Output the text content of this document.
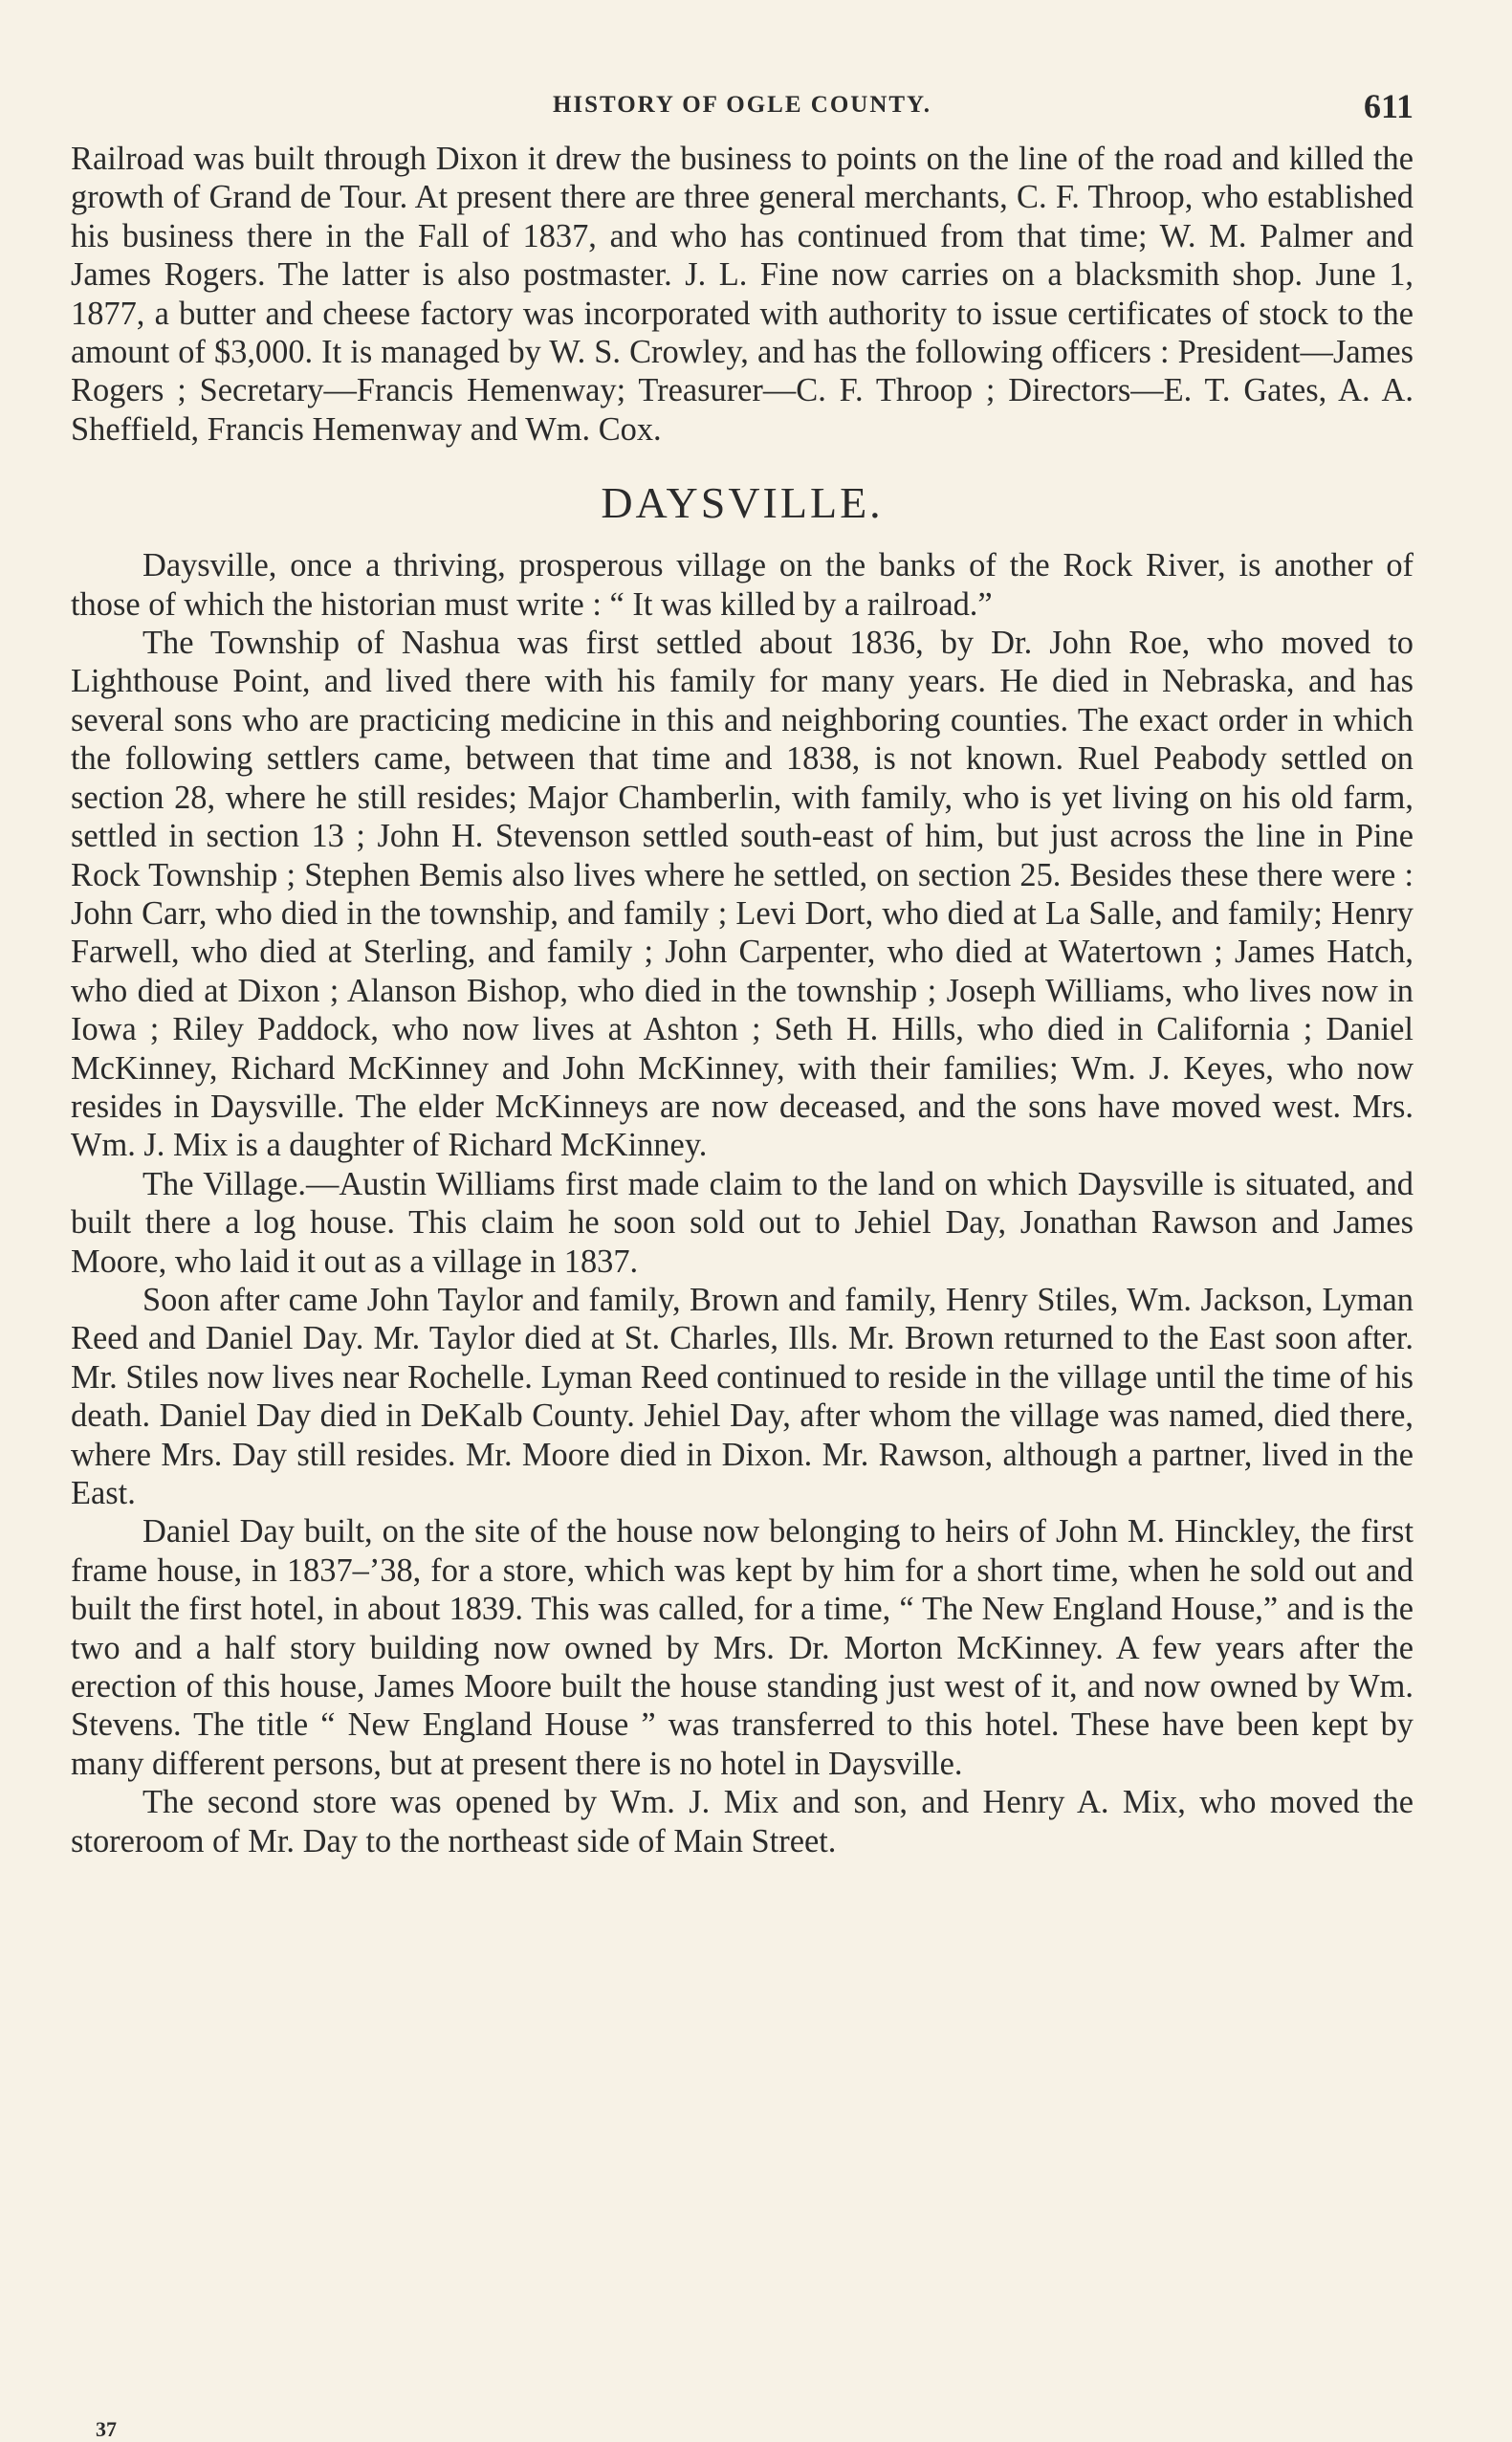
HISTORY OF OGLE COUNTY.	611

Railroad was built through Dixon it drew the business to points on the line of the road and killed the growth of Grand de Tour. At present there are three general merchants, C. F. Throop, who established his business there in the Fall of 1837, and who has continued from that time; W. M. Palmer and James Rogers. The latter is also postmaster. J. L. Fine now carries on a blacksmith shop. June 1, 1877, a butter and cheese factory was incorporated with authority to issue certificates of stock to the amount of $3,000. It is managed by W. S. Crowley, and has the following officers : President—James Rogers ; Secretary—Francis Hemenway; Treasurer—C. F. Throop ; Directors—E. T. Gates, A. A. Sheffield, Francis Hemenway and Wm. Cox.

DAYSVILLE.

Daysville, once a thriving, prosperous village on the banks of the Rock River, is another of those of which the historian must write : “ It was killed by a railroad.”

The Township of Nashua was first settled about 1836, by Dr. John Roe, who moved to Lighthouse Point, and lived there with his family for many years. He died in Nebraska, and has several sons who are practicing medicine in this and neighboring counties. The exact order in which the following settlers came, between that time and 1838, is not known. Ruel Peabody settled on section 28, where he still resides; Major Chamberlin, with family, who is yet living on his old farm, settled in section 13 ; John H. Stevenson settled south-east of him, but just across the line in Pine Rock Township ; Stephen Bemis also lives where he settled, on section 25. Besides these there were : John Carr, who died in the township, and family ; Levi Dort, who died at La Salle, and family; Henry Farwell, who died at Sterling, and family ; John Carpenter, who died at Watertown ; James Hatch, who died at Dixon ; Alanson Bishop, who died in the township ; Joseph Williams, who lives now in Iowa ; Riley Paddock, who now lives at Ashton ; Seth H. Hills, who died in California ; Daniel McKinney, Richard McKinney and John McKinney, with their families; Wm. J. Keyes, who now resides in Daysville. The elder McKinneys are now deceased, and the sons have moved west. Mrs. Wm. J. Mix is a daughter of Richard McKinney.

The Village.—Austin Williams first made claim to the land on which Daysville is situated, and built there a log house. This claim he soon sold out to Jehiel Day, Jonathan Rawson and James Moore, who laid it out as a village in 1837.

Soon after came John Taylor and family, Brown and family, Henry Stiles, Wm. Jackson, Lyman Reed and Daniel Day. Mr. Taylor died at St. Charles, Ills. Mr. Brown returned to the East soon after. Mr. Stiles now lives near Rochelle. Lyman Reed continued to reside in the village until the time of his death. Daniel Day died in DeKalb County. Jehiel Day, after whom the village was named, died there, where Mrs. Day still resides. Mr. Moore died in Dixon. Mr. Rawson, although a partner, lived in the East.

Daniel Day built, on the site of the house now belonging to heirs of John M. Hinckley, the first frame house, in 1837–’38, for a store, which was kept by him for a short time, when he sold out and built the first hotel, in about 1839. This was called, for a time, “ The New England House,” and is the two and a half story building now owned by Mrs. Dr. Morton McKinney. A few years after the erection of this house, James Moore built the house standing just west of it, and now owned by Wm. Stevens. The title “ New England House ” was transferred to this hotel. These have been kept by many different persons, but at present there is no hotel in Daysville.

The second store was opened by Wm. J. Mix and son, and Henry A. Mix, who moved the storeroom of Mr. Day to the northeast side of Main Street.

37
